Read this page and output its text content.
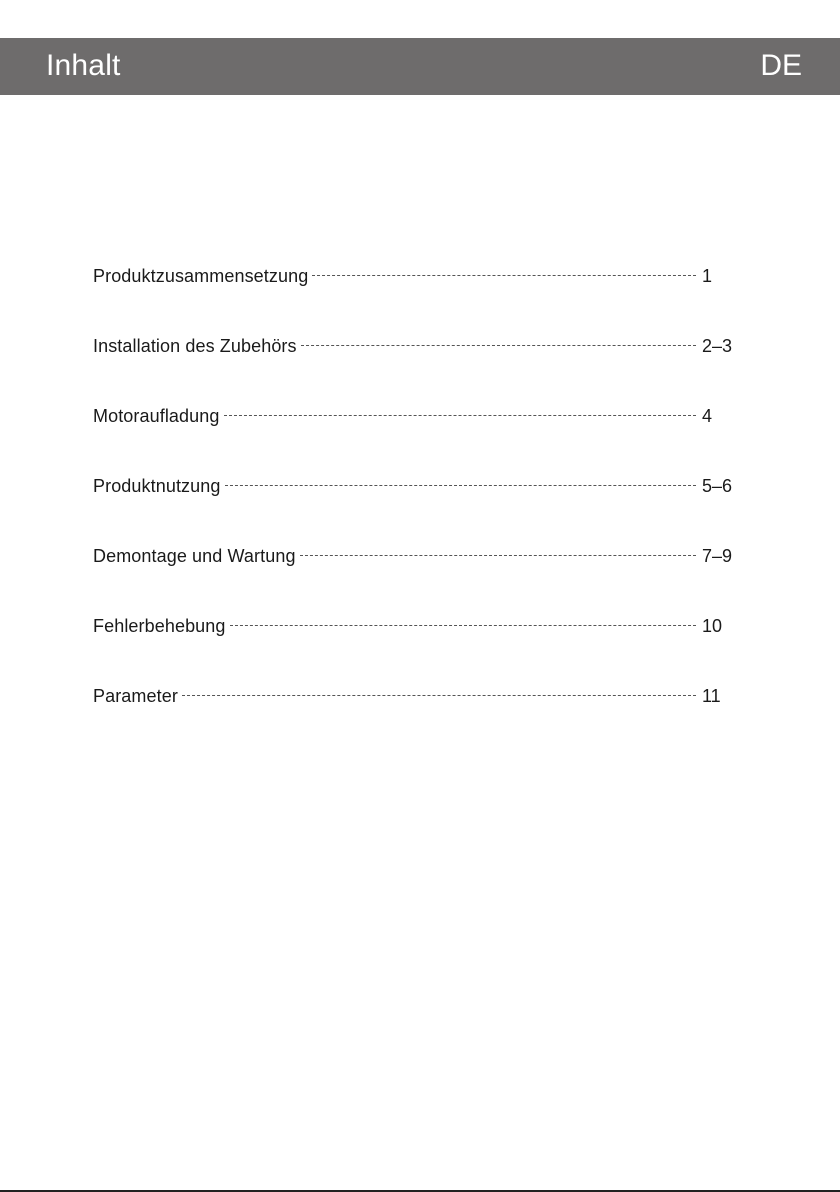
Inhalt	DE
Produktzusammensetzung	1
Installation des Zubehörs	2–3
Motoraufladung	4
Produktnutzung	5–6
Demontage und Wartung	7–9
Fehlerbehebung	10
Parameter	11
